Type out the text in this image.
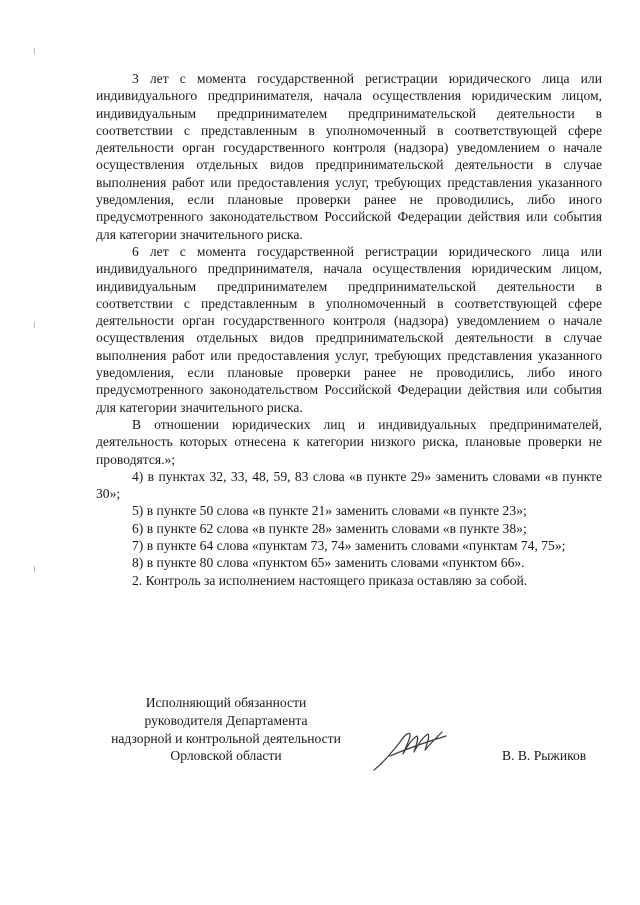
3 лет с момента государственной регистрации юридического лица или индивидуального предпринимателя, начала осуществления юридическим лицом, индивидуальным предпринимателем предпринимательской деятельности в соответствии с представленным в уполномоченный в соответствующей сфере деятельности орган государственного контроля (надзора) уведомлением о начале осуществления отдельных видов предпринимательской деятельности в случае выполнения работ или предоставления услуг, требующих представления указанного уведомления, если плановые проверки ранее не проводились, либо иного предусмотренного законодательством Российской Федерации действия или события для категории значительного риска.

6 лет с момента государственной регистрации юридического лица или индивидуального предпринимателя, начала осуществления юридическим лицом, индивидуальным предпринимателем предпринимательской деятельности в соответствии с представленным в уполномоченный в соответствующей сфере деятельности орган государственного контроля (надзора) уведомлением о начале осуществления отдельных видов предпринимательской деятельности в случае выполнения работ или предоставления услуг, требующих представления указанного уведомления, если плановые проверки ранее не проводились, либо иного предусмотренного законодательством Российской Федерации действия или события для категории значительного риска.

В отношении юридических лиц и индивидуальных предпринимателей, деятельность которых отнесена к категории низкого риска, плановые проверки не проводятся.»;

4) в пунктах 32, 33, 48, 59, 83 слова «в пункте 29» заменить словами «в пункте 30»;

5) в пункте 50 слова «в пункте 21» заменить словами «в пункте 23»;

6) в пункте 62 слова «в пункте 28» заменить словами «в пункте 38»;

7) в пункте 64 слова «пунктам 73, 74» заменить словами «пунктам 74, 75»;

8) в пункте 80 слова «пунктом 65» заменить словами «пунктом 66».

2. Контроль за исполнением настоящего приказа оставляю за собой.

Исполняющий обязанности
руководителя Департамента
надзорной и контрольной деятельности
Орловской области	В. В. Рыжиков
